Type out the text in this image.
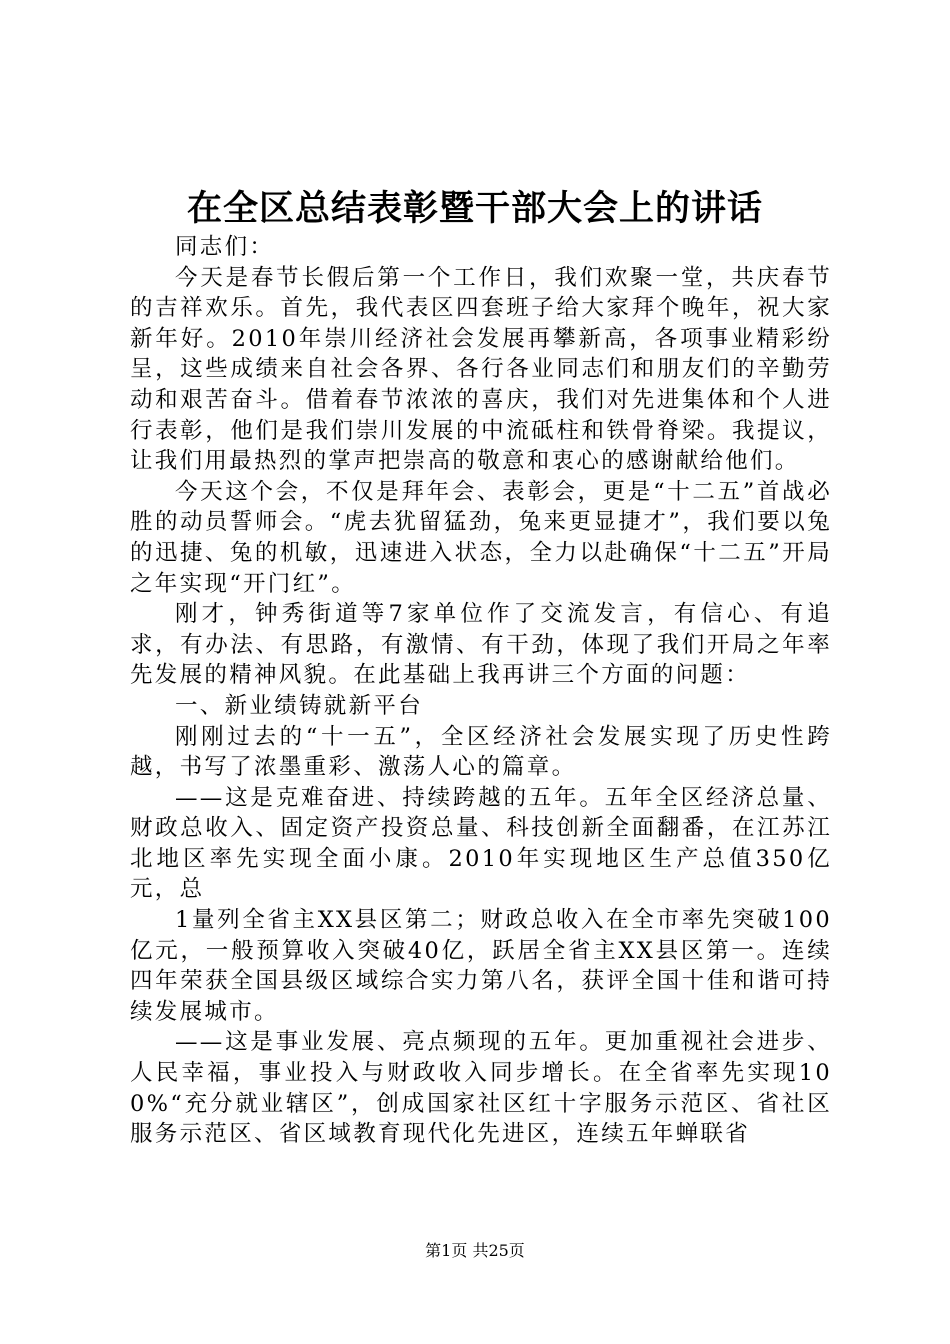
在全区总结表彰暨干部大会上的讲话

同志们：

今天是春节长假后第一个工作日，我们欢聚一堂，共庆春节的吉祥欢乐。首先，我代表区四套班子给大家拜个晚年，祝大家新年好。2010年崇川经济社会发展再攀新高，各项事业精彩纷呈，这些成绩来自社会各界、各行各业同志们和朋友们的辛勤劳动和艰苦奋斗。借着春节浓浓的喜庆，我们对先进集体和个人进行表彰，他们是我们崇川发展的中流砥柱和铁骨脊梁。我提议，让我们用最热烈的掌声把崇高的敬意和衷心的感谢献给他们。

今天这个会，不仅是拜年会、表彰会，更是“十二五”首战必胜的动员誓师会。“虎去犹留猛劲，兔来更显捷才”，我们要以兔的迅捷、兔的机敏，迅速进入状态，全力以赴确保“十二五”开局之年实现“开门红”。

刚才，钟秀街道等7家单位作了交流发言，有信心、有追求，有办法、有思路，有激情、有干劲，体现了我们开局之年率先发展的精神风貌。在此基础上我再讲三个方面的问题：

一、新业绩铸就新平台

刚刚过去的“十一五”，全区经济社会发展实现了历史性跨越，书写了浓墨重彩、激荡人心的篇章。

——这是克难奋进、持续跨越的五年。五年全区经济总量、财政总收入、固定资产投资总量、科技创新全面翻番，在江苏江北地区率先实现全面小康。2010年实现地区生产总值350亿元，总

1量列全省主XX县区第二；财政总收入在全市率先突破100亿元，一般预算收入突破40亿，跃居全省主XX县区第一。连续四年荣获全国县级区域综合实力第八名，获评全国十佳和谐可持续发展城市。

——这是事业发展、亮点频现的五年。更加重视社会进步、人民幸福，事业投入与财政收入同步增长。在全省率先实现100%“充分就业辖区”，创成国家社区红十字服务示范区、省社区服务示范区、省区域教育现代化先进区，连续五年蝉联省

第1页 共25页
